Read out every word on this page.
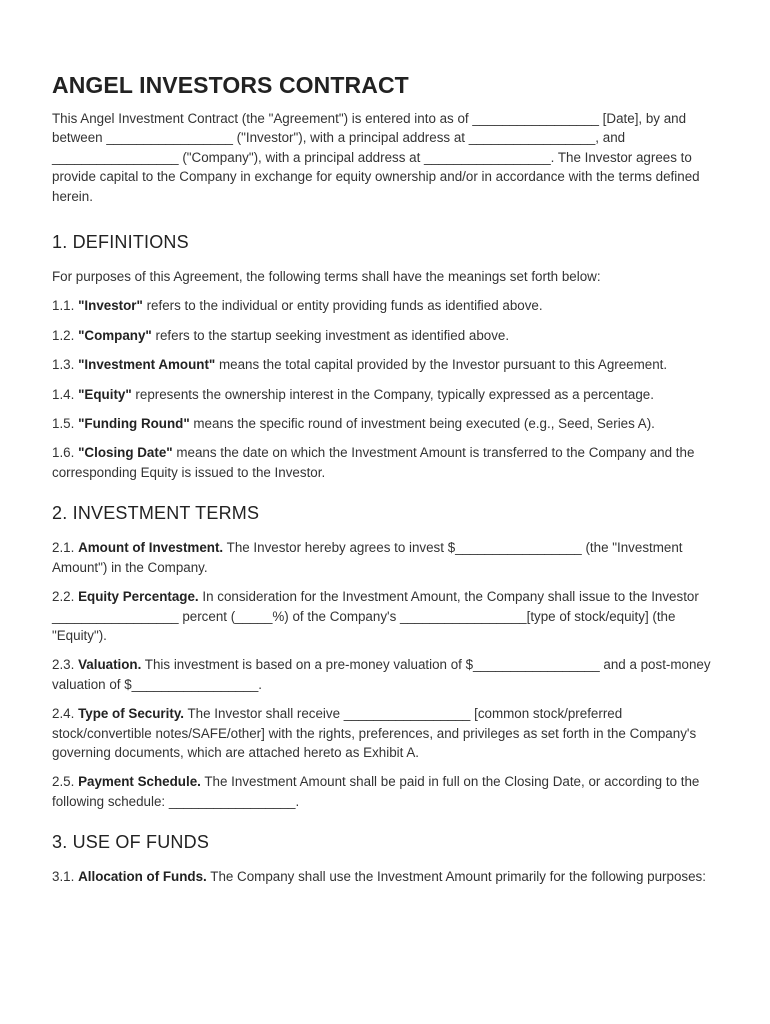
ANGEL INVESTORS CONTRACT

This Angel Investment Contract (the "Agreement") is entered into as of _________________ [Date], by and between _________________ ("Investor"), with a principal address at _________________, and _________________ ("Company"), with a principal address at _________________. The Investor agrees to provide capital to the Company in exchange for equity ownership and/or in accordance with the terms defined herein.

1. DEFINITIONS

For purposes of this Agreement, the following terms shall have the meanings set forth below:

1.1. "Investor" refers to the individual or entity providing funds as identified above.

1.2. "Company" refers to the startup seeking investment as identified above.

1.3. "Investment Amount" means the total capital provided by the Investor pursuant to this Agreement.

1.4. "Equity" represents the ownership interest in the Company, typically expressed as a percentage.

1.5. "Funding Round" means the specific round of investment being executed (e.g., Seed, Series A).

1.6. "Closing Date" means the date on which the Investment Amount is transferred to the Company and the corresponding Equity is issued to the Investor.

2. INVESTMENT TERMS

2.1. Amount of Investment. The Investor hereby agrees to invest $_________________ (the "Investment Amount") in the Company.

2.2. Equity Percentage. In consideration for the Investment Amount, the Company shall issue to the Investor _________________ percent (_____%) of the Company's _________________[type of stock/equity] (the "Equity").

2.3. Valuation. This investment is based on a pre-money valuation of $_________________ and a post-money valuation of $_________________.

2.4. Type of Security. The Investor shall receive _________________ [common stock/preferred stock/convertible notes/SAFE/other] with the rights, preferences, and privileges as set forth in the Company's governing documents, which are attached hereto as Exhibit A.

2.5. Payment Schedule. The Investment Amount shall be paid in full on the Closing Date, or according to the following schedule: _________________.

3. USE OF FUNDS

3.1. Allocation of Funds. The Company shall use the Investment Amount primarily for the following purposes:
